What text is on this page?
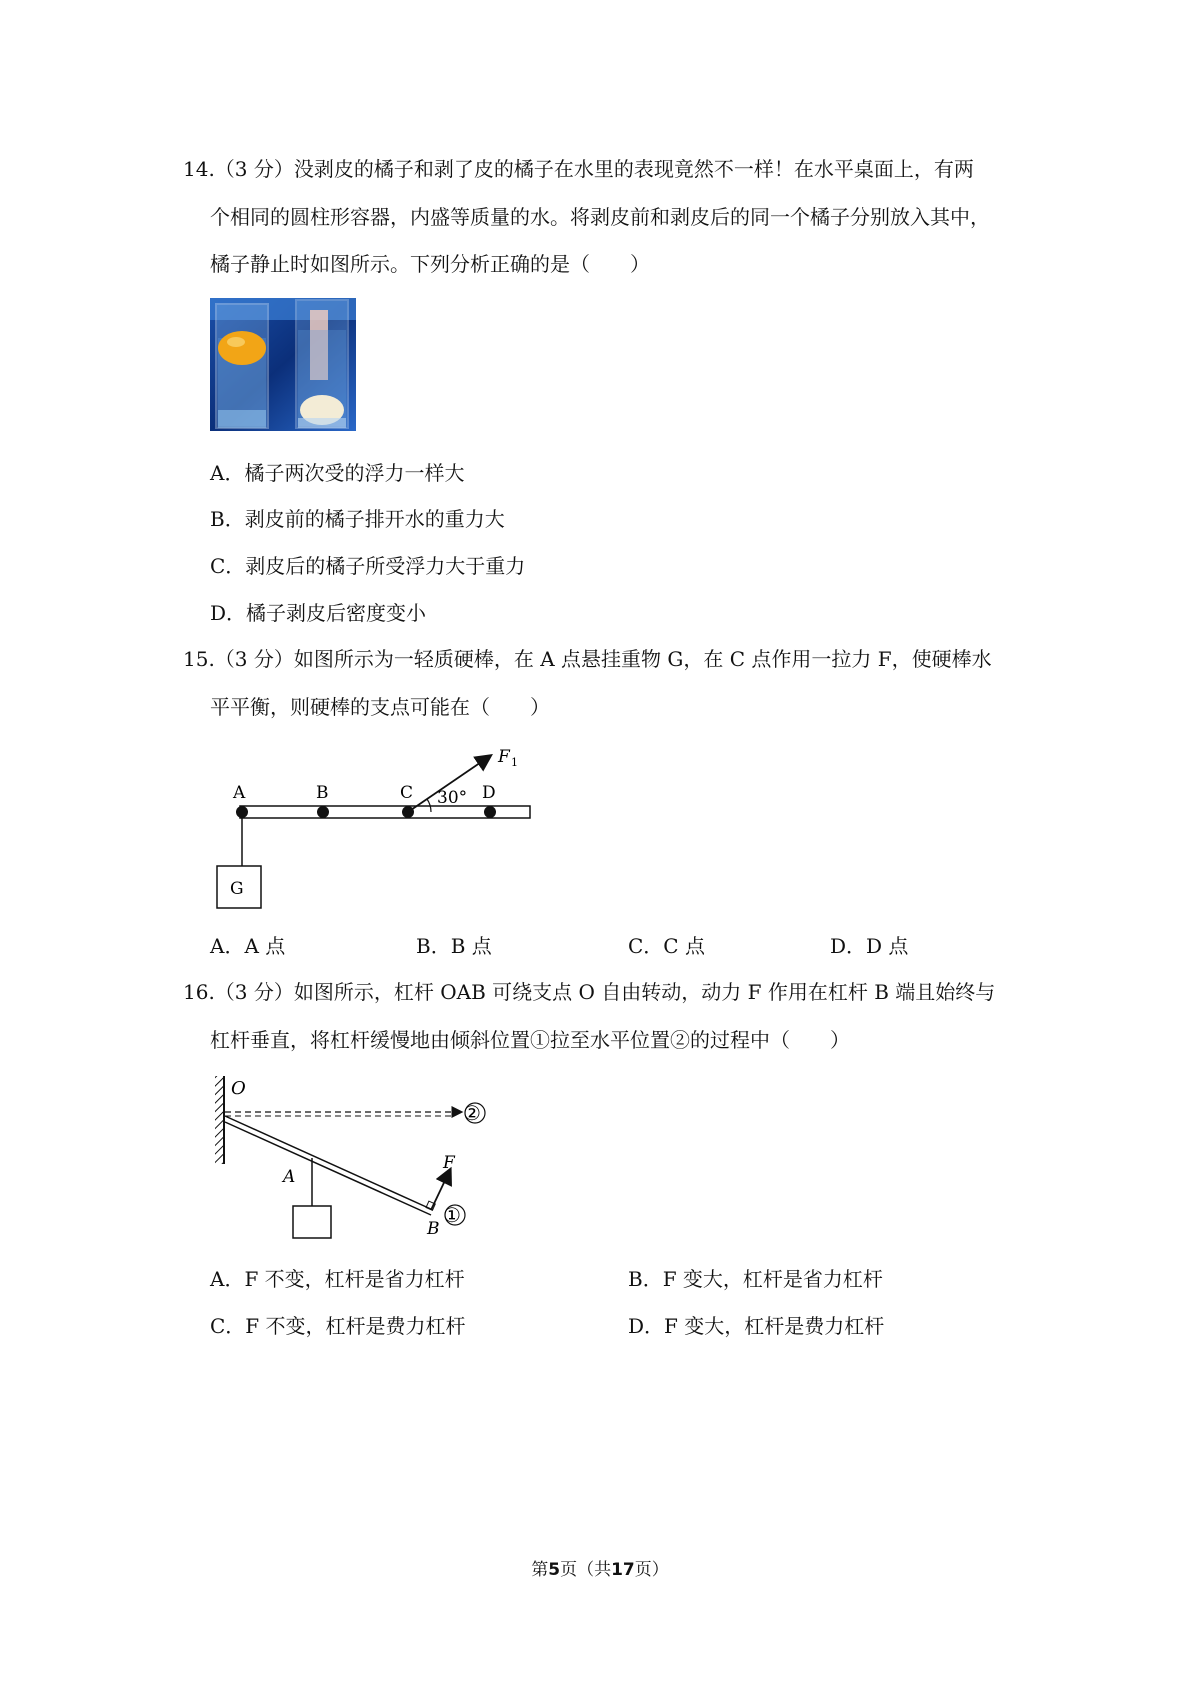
14.（3 分）没剥皮的橘子和剥了皮的橘子在水里的表现竟然不一样！在水平桌面上，有两
个相同的圆柱形容器，内盛等质量的水。将剥皮前和剥皮后的同一个橘子分别放入其中，
橘子静止时如图所示。下列分析正确的是（　　）
A．橘子两次受的浮力一样大
B．剥皮前的橘子排开水的重力大
C．剥皮后的橘子所受浮力大于重力
D．橘子剥皮后密度变小
15.（3 分）如图所示为一轻质硬棒，在 A 点悬挂重物 G，在 C 点作用一拉力 F，使硬棒水
平平衡，则硬棒的支点可能在（　　）
A	B	C	D
G
30°
F 1
A．A 点	B．B 点	C．C 点	D．D 点
16.（3 分）如图所示，杠杆 OAB 可绕支点 O 自由转动，动力 F 作用在杠杆 B 端且始终与
杠杆垂直，将杠杆缓慢地由倾斜位置①拉至水平位置②的过程中（　　）
O
②
A
F
B
①
A．F 不变，杠杆是省力杠杆	B．F 变大，杠杆是省力杠杆
C．F 不变，杠杆是费力杠杆	D．F 变大，杠杆是费力杠杆
第5页（共17页）
